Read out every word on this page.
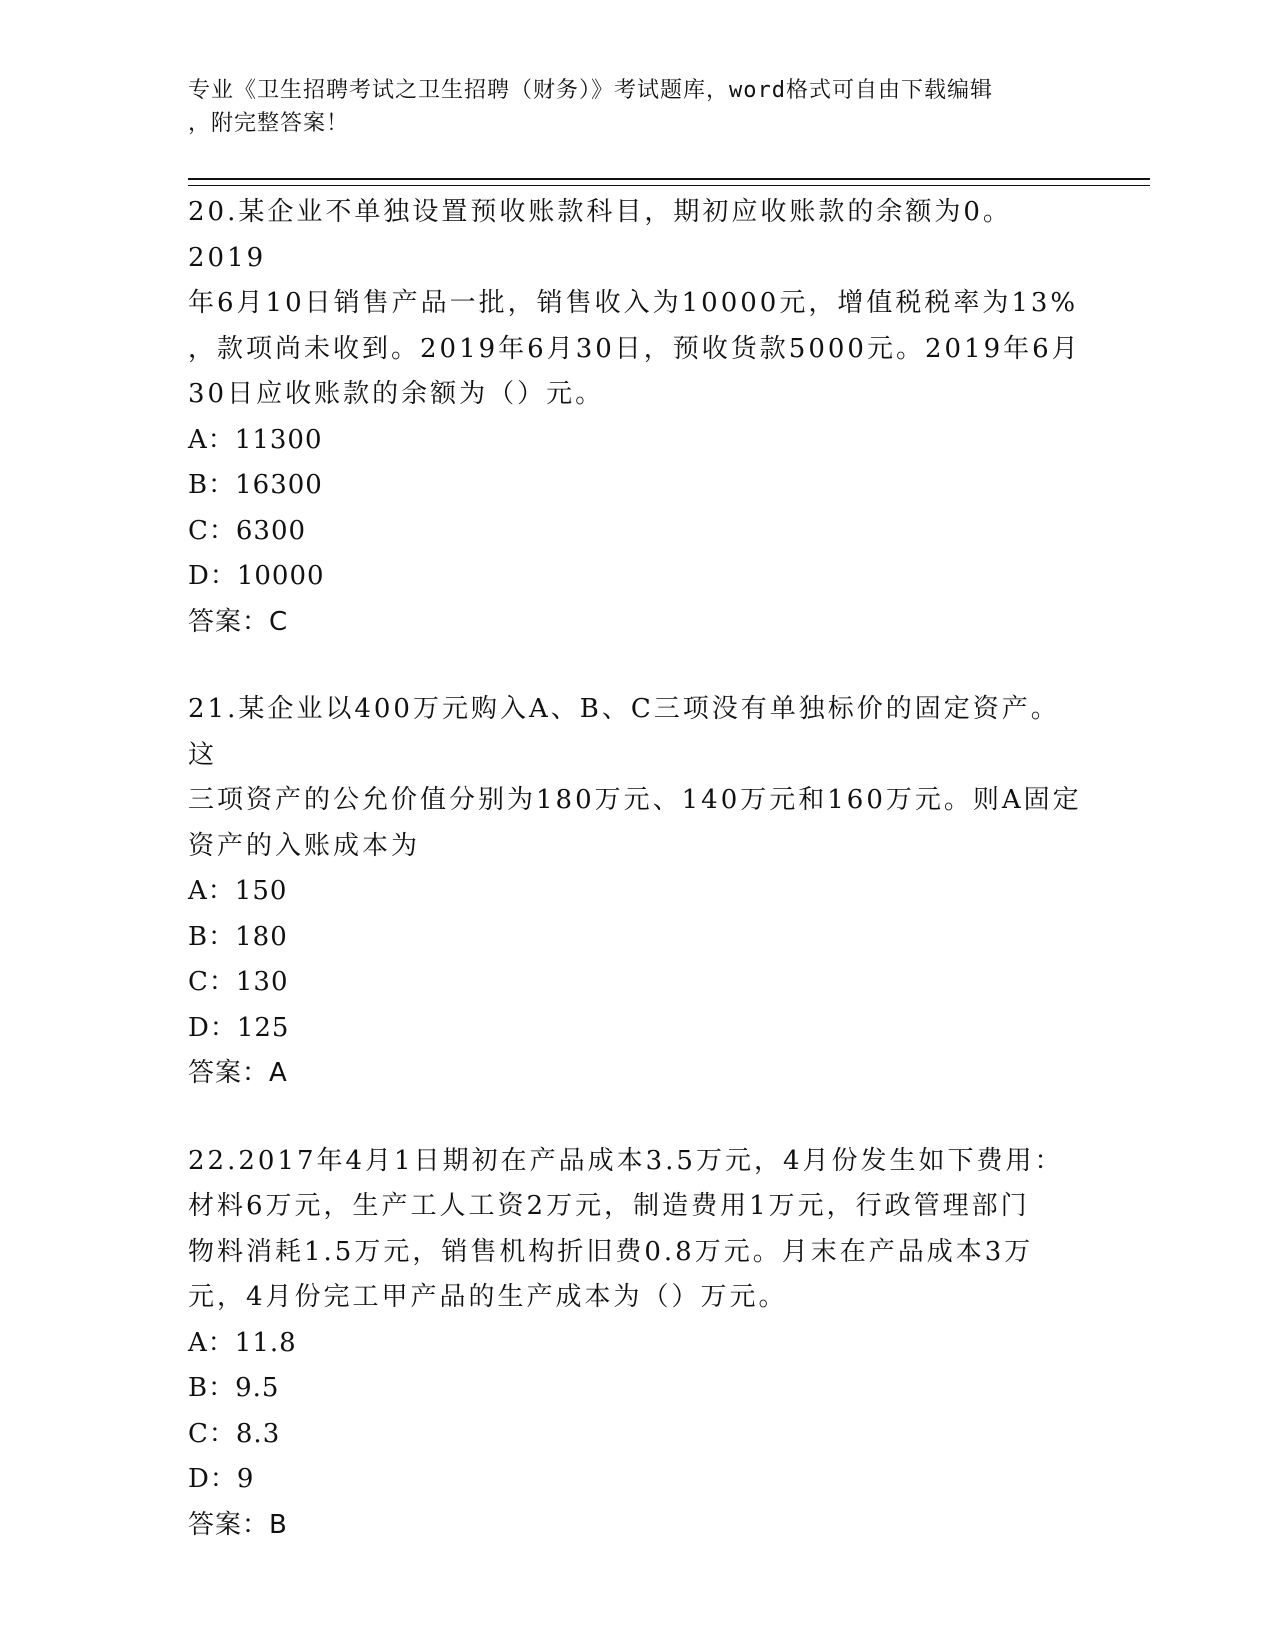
专业《卫生招聘考试之卫生招聘（财务）》考试题库，word格式可自由下载编辑
，附完整答案！
20.某企业不单独设置预收账款科目，期初应收账款的余额为0。2019
年6月10日销售产品一批，销售收入为10000元，增值税税率为13%
，款项尚未收到。2019年6月30日，预收货款5000元。2019年6月
30日应收账款的余额为（）元。
A：11300
B：16300
C：6300
D：10000
答案：C
21.某企业以400万元购入A、B、C三项没有单独标价的固定资产。这
三项资产的公允价值分别为180万元、140万元和160万元。则A固定
资产的入账成本为
A：150
B：180
C：130
D：125
答案：A
22.2017年4月1日期初在产品成本3.5万元，4月份发生如下费用：
材料6万元，生产工人工资2万元，制造费用1万元，行政管理部门
物料消耗1.5万元，销售机构折旧费0.8万元。月末在产品成本3万
元，4月份完工甲产品的生产成本为（）万元。
A：11.8
B：9.5
C：8.3
D：9
答案：B
